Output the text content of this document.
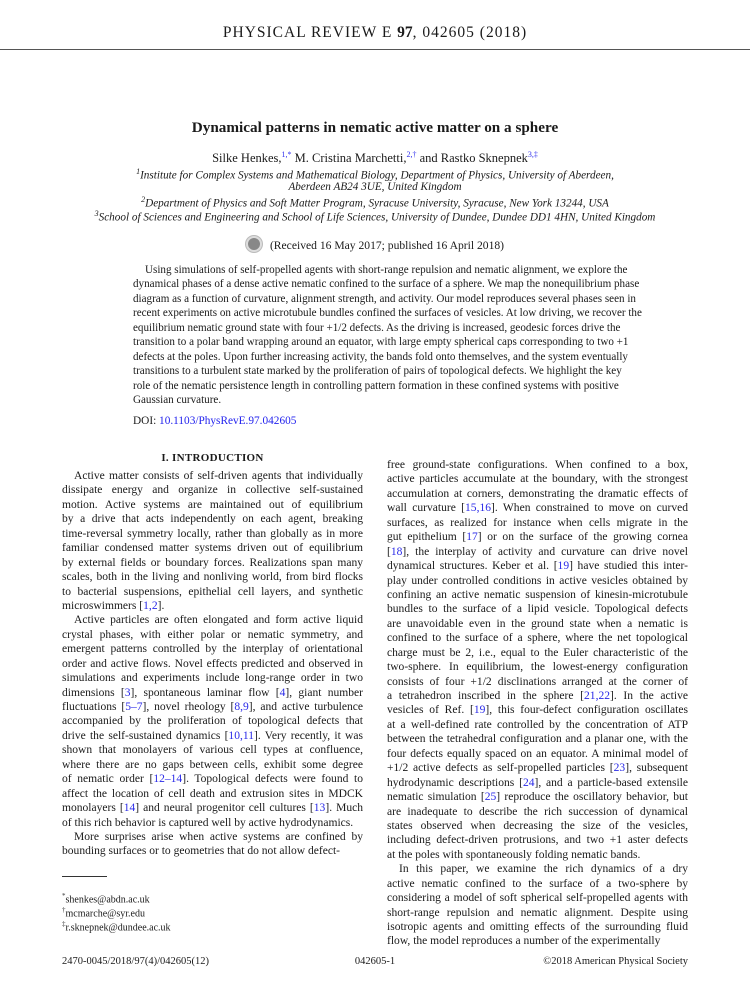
PHYSICAL REVIEW E 97, 042605 (2018)
Dynamical patterns in nematic active matter on a sphere
Silke Henkes,$^{1,*}$ M. Cristina Marchetti,$^{2,\dagger}$ and Rastko Sknepnek$^{3,\ddagger}$
$^1$Institute for Complex Systems and Mathematical Biology, Department of Physics, University of Aberdeen,
Aberdeen AB24 3UE, United Kingdom
$^2$Department of Physics and Soft Matter Program, Syracuse University, Syracuse, New York 13244, USA
$^3$School of Sciences and Engineering and School of Life Sciences, University of Dundee, Dundee DD1 4HN, United Kingdom
(Received 16 May 2017; published 16 April 2018)
Using simulations of self-propelled agents with short-range repulsion and nematic alignment, we explore the
dynamical phases of a dense active nematic confined to the surface of a sphere. We map the nonequilibrium phase
diagram as a function of curvature, alignment strength, and activity. Our model reproduces several phases seen in
recent experiments on active microtubule bundles confined the surfaces of vesicles. At low driving, we recover the
equilibrium nematic ground state with four +1/2 defects. As the driving is increased, geodesic forces drive the
transition to a polar band wrapping around an equator, with large empty spherical caps corresponding to two +1
defects at the poles. Upon further increasing activity, the bands fold onto themselves, and the system eventually
transitions to a turbulent state marked by the proliferation of pairs of topological defects. We highlight the key
role of the nematic persistence length in controlling pattern formation in these confined systems with positive
Gaussian curvature.
DOI: 10.1103/PhysRevE.97.042605
I. INTRODUCTION
Active matter consists of self-driven agents that individually
dissipate energy and organize in collective self-sustained
motion. Active systems are maintained out of equilibrium
by a drive that acts independently on each agent, breaking
time-reversal symmetry locally, rather than globally as in more
familiar condensed matter systems driven out of equilibrium
by external fields or boundary forces. Realizations span many
scales, both in the living and nonliving world, from bird flocks
to bacterial suspensions, epithelial cell layers, and synthetic
microswimmers [1,2].
Active particles are often elongated and form active liquid
crystal phases, with either polar or nematic symmetry, and
emergent patterns controlled by the interplay of orientational
order and active flows. Novel effects predicted and observed in
simulations and experiments include long-range order in two
dimensions [3], spontaneous laminar flow [4], giant number
fluctuations [5–7], novel rheology [8,9], and active turbulence
accompanied by the proliferation of topological defects that
drive the self-sustained dynamics [10,11]. Very recently, it was
shown that monolayers of various cell types at confluence,
where there are no gaps between cells, exhibit some degree
of nematic order [12–14]. Topological defects were found to
affect the location of cell death and extrusion sites in MDCK
monolayers [14] and neural progenitor cell cultures [13]. Much
of this rich behavior is captured well by active hydrodynamics.
More surprises arise when active systems are confined by
bounding surfaces or to geometries that do not allow defect-
free ground-state configurations. When confined to a box,
active particles accumulate at the boundary, with the strongest
accumulation at corners, demonstrating the dramatic effects of
wall curvature [15,16]. When constrained to move on curved
surfaces, as realized for instance when cells migrate in the
gut epithelium [17] or on the surface of the growing cornea
[18], the interplay of activity and curvature can drive novel
dynamical structures. Keber et al. [19] have studied this inter-
play under controlled conditions in active vesicles obtained by
confining an active nematic suspension of kinesin-microtubule
bundles to the surface of a lipid vesicle. Topological defects
are unavoidable even in the ground state when a nematic is
confined to the surface of a sphere, where the net topological
charge must be 2, i.e., equal to the Euler characteristic of the
two-sphere. In equilibrium, the lowest-energy configuration
consists of four +1/2 disclinations arranged at the corner of
a tetrahedron inscribed in the sphere [21,22]. In the active
vesicles of Ref. [19], this four-defect configuration oscillates
at a well-defined rate controlled by the concentration of ATP
between the tetrahedral configuration and a planar one, with the
four defects equally spaced on an equator. A minimal model of
+1/2 active defects as self-propelled particles [23], subsequent
hydrodynamic descriptions [24], and a particle-based extensile
nematic simulation [25] reproduce the oscillatory behavior, but
are inadequate to describe the rich succession of dynamical
states observed when decreasing the size of the vesicles,
including defect-driven protrusions, and two +1 aster defects
at the poles with spontaneously folding nematic bands.
In this paper, we examine the rich dynamics of a dry
active nematic confined to the surface of a two-sphere by
considering a model of soft spherical self-propelled agents with
short-range repulsion and nematic alignment. Despite using
isotropic agents and omitting effects of the surrounding fluid
flow, the model reproduces a number of the experimentally
*shenkes@abdn.ac.uk
†mcmarche@syr.edu
‡r.sknepnek@dundee.ac.uk
2470-0045/2018/97(4)/042605(12)	042605-1	©2018 American Physical Society
